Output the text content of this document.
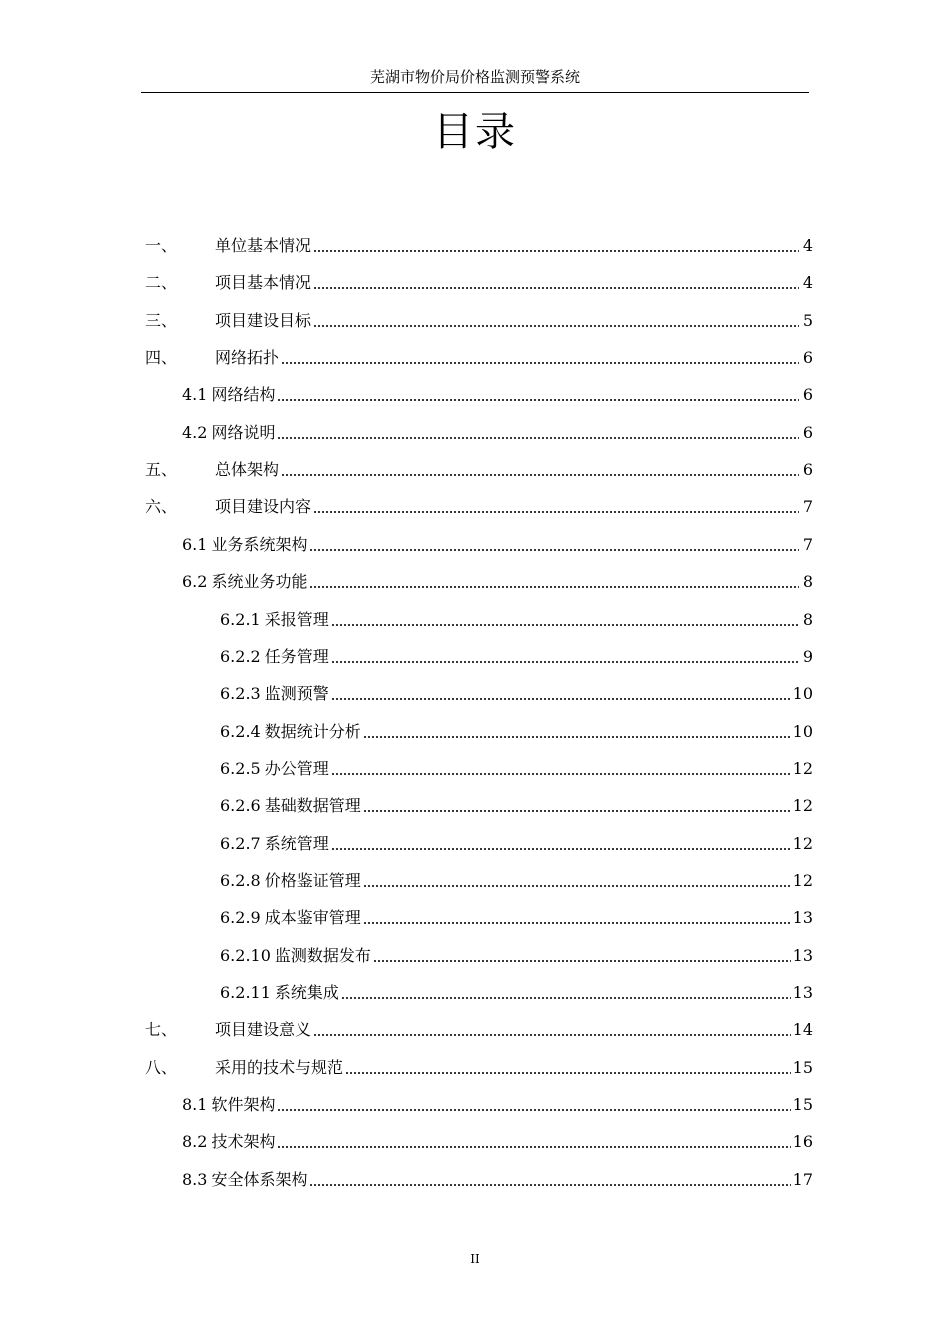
芜湖市物价局价格监测预警系统
目录
一、	单位基本情况	4
二、	项目基本情况	4
三、	项目建设目标	5
四、	网络拓扑	6
4.1 网络结构	6
4.2 网络说明	6
五、	总体架构	6
六、	项目建设内容	7
6.1 业务系统架构	7
6.2 系统业务功能	8
6.2.1 采报管理	8
6.2.2 任务管理	9
6.2.3 监测预警	10
6.2.4 数据统计分析	10
6.2.5 办公管理	12
6.2.6 基础数据管理	12
6.2.7 系统管理	12
6.2.8 价格鉴证管理	12
6.2.9 成本鉴审管理	13
6.2.10 监测数据发布	13
6.2.11 系统集成	13
七、	项目建设意义	14
八、	采用的技术与规范	15
8.1 软件架构	15
8.2 技术架构	16
8.3 安全体系架构	17
II
